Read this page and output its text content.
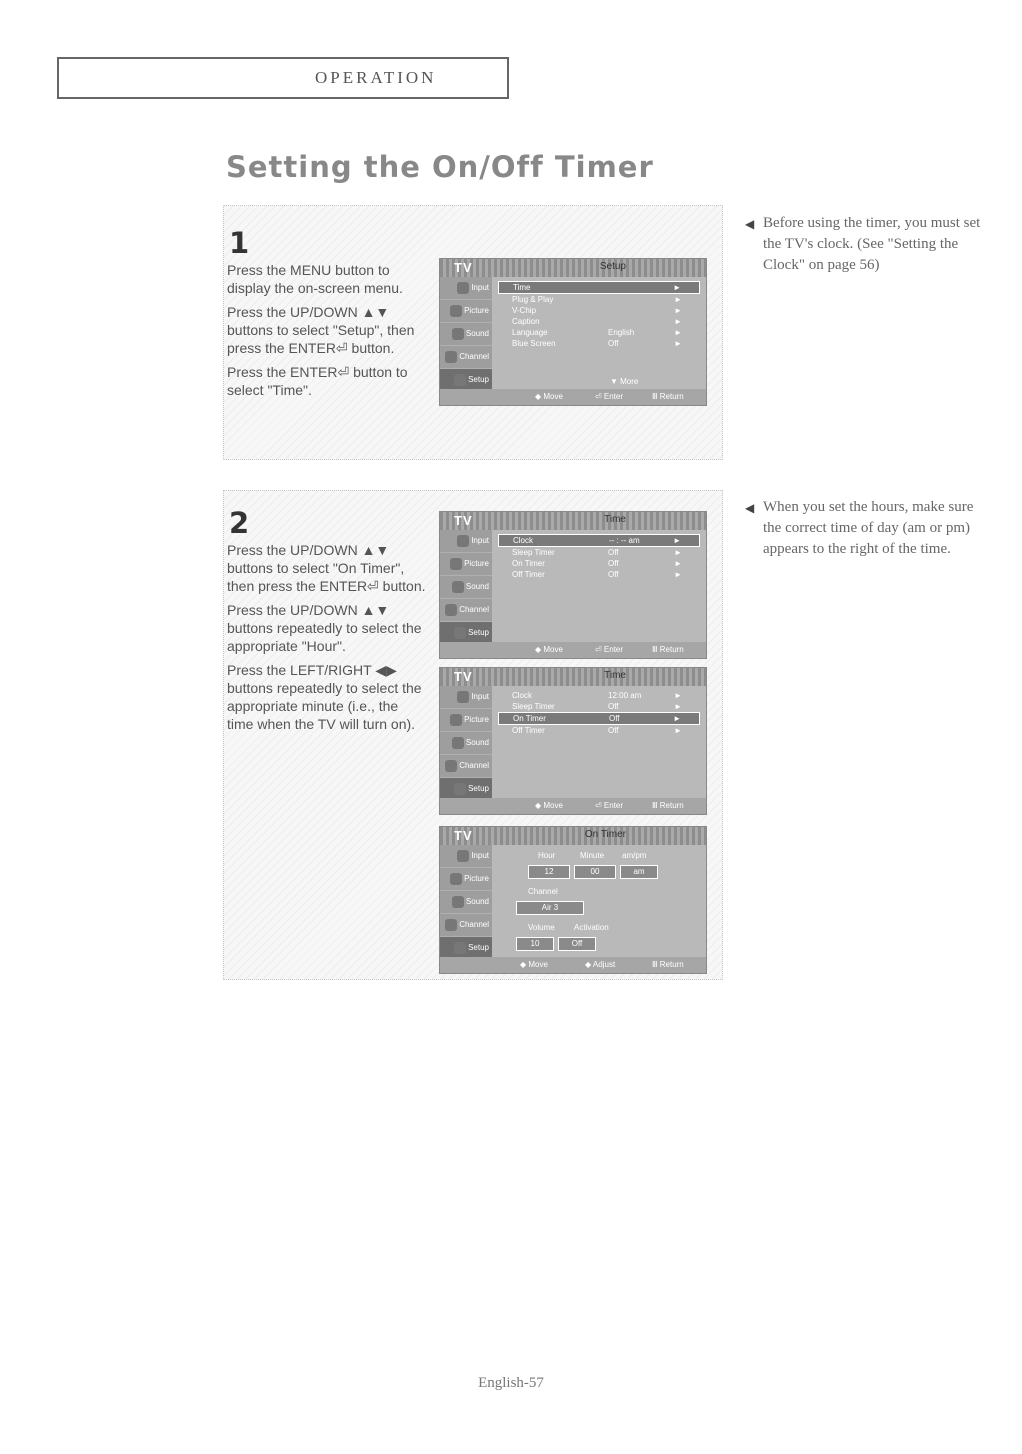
OPERATION
Setting the On/Off Timer
1

Press the MENU button to display the on-screen menu.

Press the UP/DOWN ▲▼ buttons to select "Setup", then press the ENTER⏎ button.

Press the ENTER⏎ button to select "Time".

TV	Setup
Input
Picture
Sound
Channel
Setup
Time	►
Plug & Play	►
V-Chip	►
Caption	►
Language	English	►
Blue Screen	Off	►
▼ More
◆ Move	⏎ Enter	Ⅲ Return
2

Press the UP/DOWN ▲▼ buttons to select "On Timer", then press the ENTER⏎ button.

Press the UP/DOWN ▲▼ buttons repeatedly to select the appropriate "Hour".

Press the LEFT/RIGHT ◀▶ buttons repeatedly to select the appropriate minute (i.e., the time when the TV will turn on).

TV	Time
Input
Picture
Sound
Channel
Setup
Clock	-- : -- am	►
Sleep Timer	Off	►
On Timer	Off	►
Off Timer	Off	►
◆ Move	⏎ Enter	Ⅲ Return
TV	Time
Input
Picture
Sound
Channel
Setup
Clock	12:00 am	►
Sleep Timer	Off	►
On Timer	Off	►
Off Timer	Off	►
◆ Move	⏎ Enter	Ⅲ Return
TV	On Timer
Input
Picture
Sound
Channel
Setup
Hour	Minute am/pm
12	00	am
Channel
Air 3
Volume Activation
10	Off
◆ Move	◆ Adjust	Ⅲ Return
◀ Before using the timer, you must set the TV's clock. (See "Setting the Clock" on page 56)
◀ When you set the hours, make sure the correct time of day (am or pm) appears to the right of the time.
English-57
